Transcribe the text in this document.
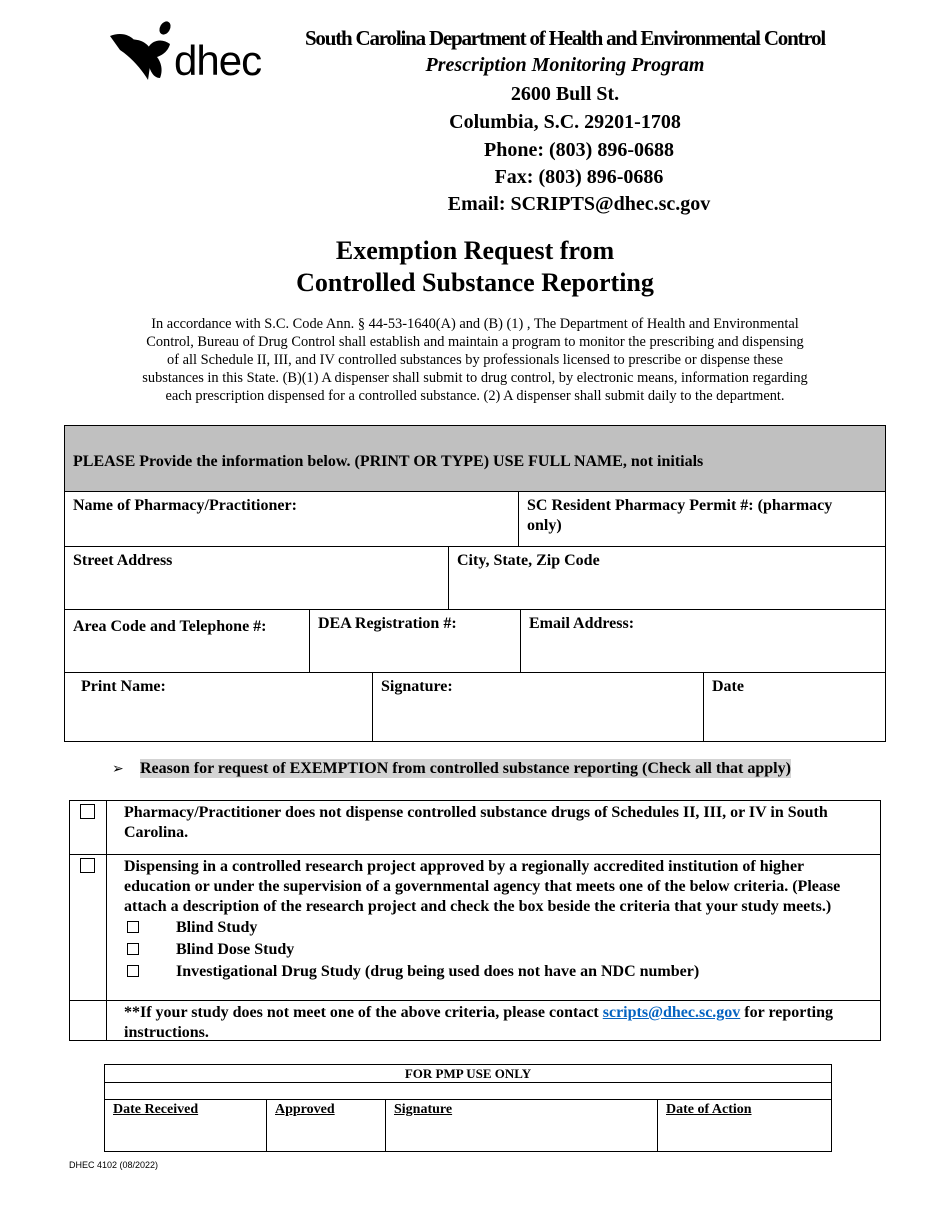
dhec South Carolina Department of Health and Environmental Control
Prescription Monitoring Program
2600 Bull St.
Columbia, S.C. 29201-1708
Phone: (803) 896-0688
Fax: (803) 896-0686
Email: SCRIPTS@dhec.sc.gov
Exemption Request from
Controlled Substance Reporting
In accordance with S.C. Code Ann. § 44-53-1640(A) and (B) (1) , The Department of Health and Environmental
Control, Bureau of Drug Control shall establish and maintain a program to monitor the prescribing and dispensing
of all Schedule II, III, and IV controlled substances by professionals licensed to prescribe or dispense these
substances in this State. (B)(1) A dispenser shall submit to drug control, by electronic means, information regarding
each prescription dispensed for a controlled substance. (2) A dispenser shall submit daily to the department.
PLEASE Provide the information below. (PRINT OR TYPE) USE FULL NAME, not initials
Name of Pharmacy/Practitioner:	SC Resident Pharmacy Permit #: (pharmacy only)
Street Address	City, State, Zip Code
Area Code and Telephone #:	DEA Registration #:	Email Address:
Print Name:	Signature:	Date
➢ Reason for request of EXEMPTION from controlled substance reporting (Check all that apply)
Pharmacy/Practitioner does not dispense controlled substance drugs of Schedules II, III, or IV in South Carolina.
Dispensing in a controlled research project approved by a regionally accredited institution of higher education or under the supervision of a governmental agency that meets one of the below criteria. (Please attach a description of the research project and check the box beside the criteria that your study meets.)
Blind Study
Blind Dose Study
Investigational Drug Study (drug being used does not have an NDC number)
**If your study does not meet one of the above criteria, please contact scripts@dhec.sc.gov for reporting instructions.
FOR PMP USE ONLY
Date Received	Approved	Signature	Date of Action
DHEC 4102 (08/2022)
